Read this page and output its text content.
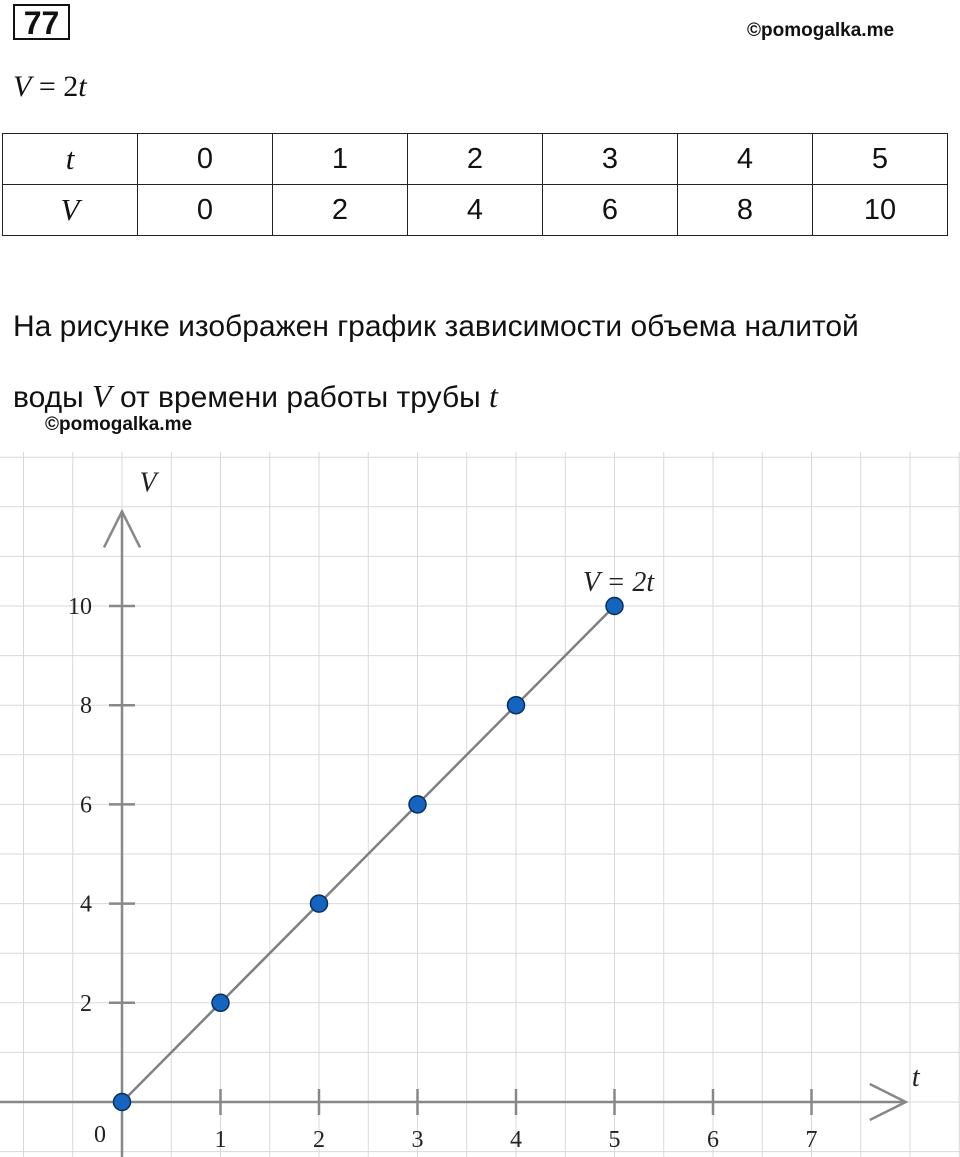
77	©pomogalka.me
V = 2t
t	0	1	2	3	4	5
V	0	2	4	6	8	10
На рисунке изображен график зависимости объема налитой
воды V от времени работы трубы t
©pomogalka.me
1	2	3	4	5	6	7
2
4
6
8
10
0
t
V
V = 2t
